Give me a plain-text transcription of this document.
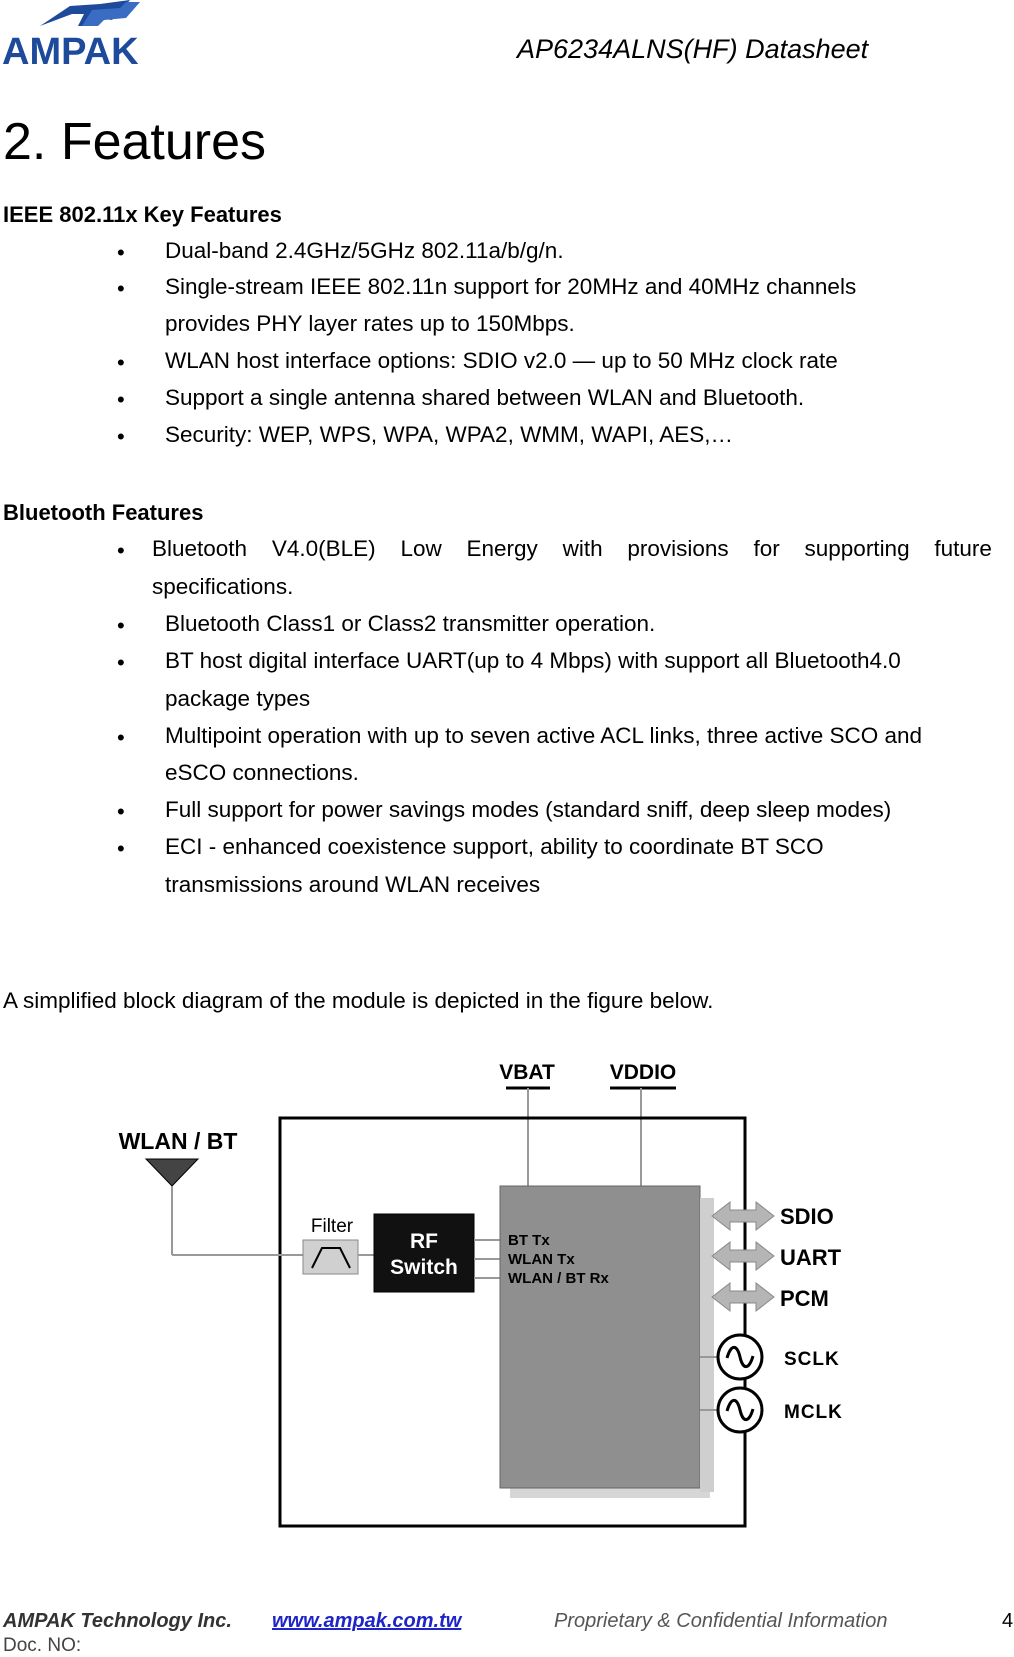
AMPAK	AP6234ALNS(HF) Datasheet
2. Features
IEEE 802.11x Key Features
• Dual-band 2.4GHz/5GHz 802.11a/b/g/n.
• Single-stream IEEE 802.11n support for 20MHz and 40MHz channels
provides PHY layer rates up to 150Mbps.
• WLAN host interface options: SDIO v2.0 — up to 50 MHz clock rate
• Support a single antenna shared between WLAN and Bluetooth.
• Security: WEP, WPS, WPA, WPA2, WMM, WAPI, AES,…
Bluetooth Features
• Bluetooth V4.0(BLE) Low Energy with provisions for supporting future
specifications.
• Bluetooth Class1 or Class2 transmitter operation.
• BT host digital interface UART(up to 4 Mbps) with support all Bluetooth4.0
package types
• Multipoint operation with up to seven active ACL links, three active SCO and
eSCO connections.
• Full support for power savings modes (standard sniff, deep sleep modes)
• ECI - enhanced coexistence support, ability to coordinate BT SCO
transmissions around WLAN receives
A simplified block diagram of the module is depicted in the figure below.
VBAT	VDDIO
WLAN / BT
Filter
RF
Switch
BT Tx
WLAN Tx
WLAN / BT Rx
SDIO
UART
PCM
SCLK
MCLK
AMPAK Technology Inc. www.ampak.com.tw	Proprietary & Confidential Information	4
Doc. NO:
